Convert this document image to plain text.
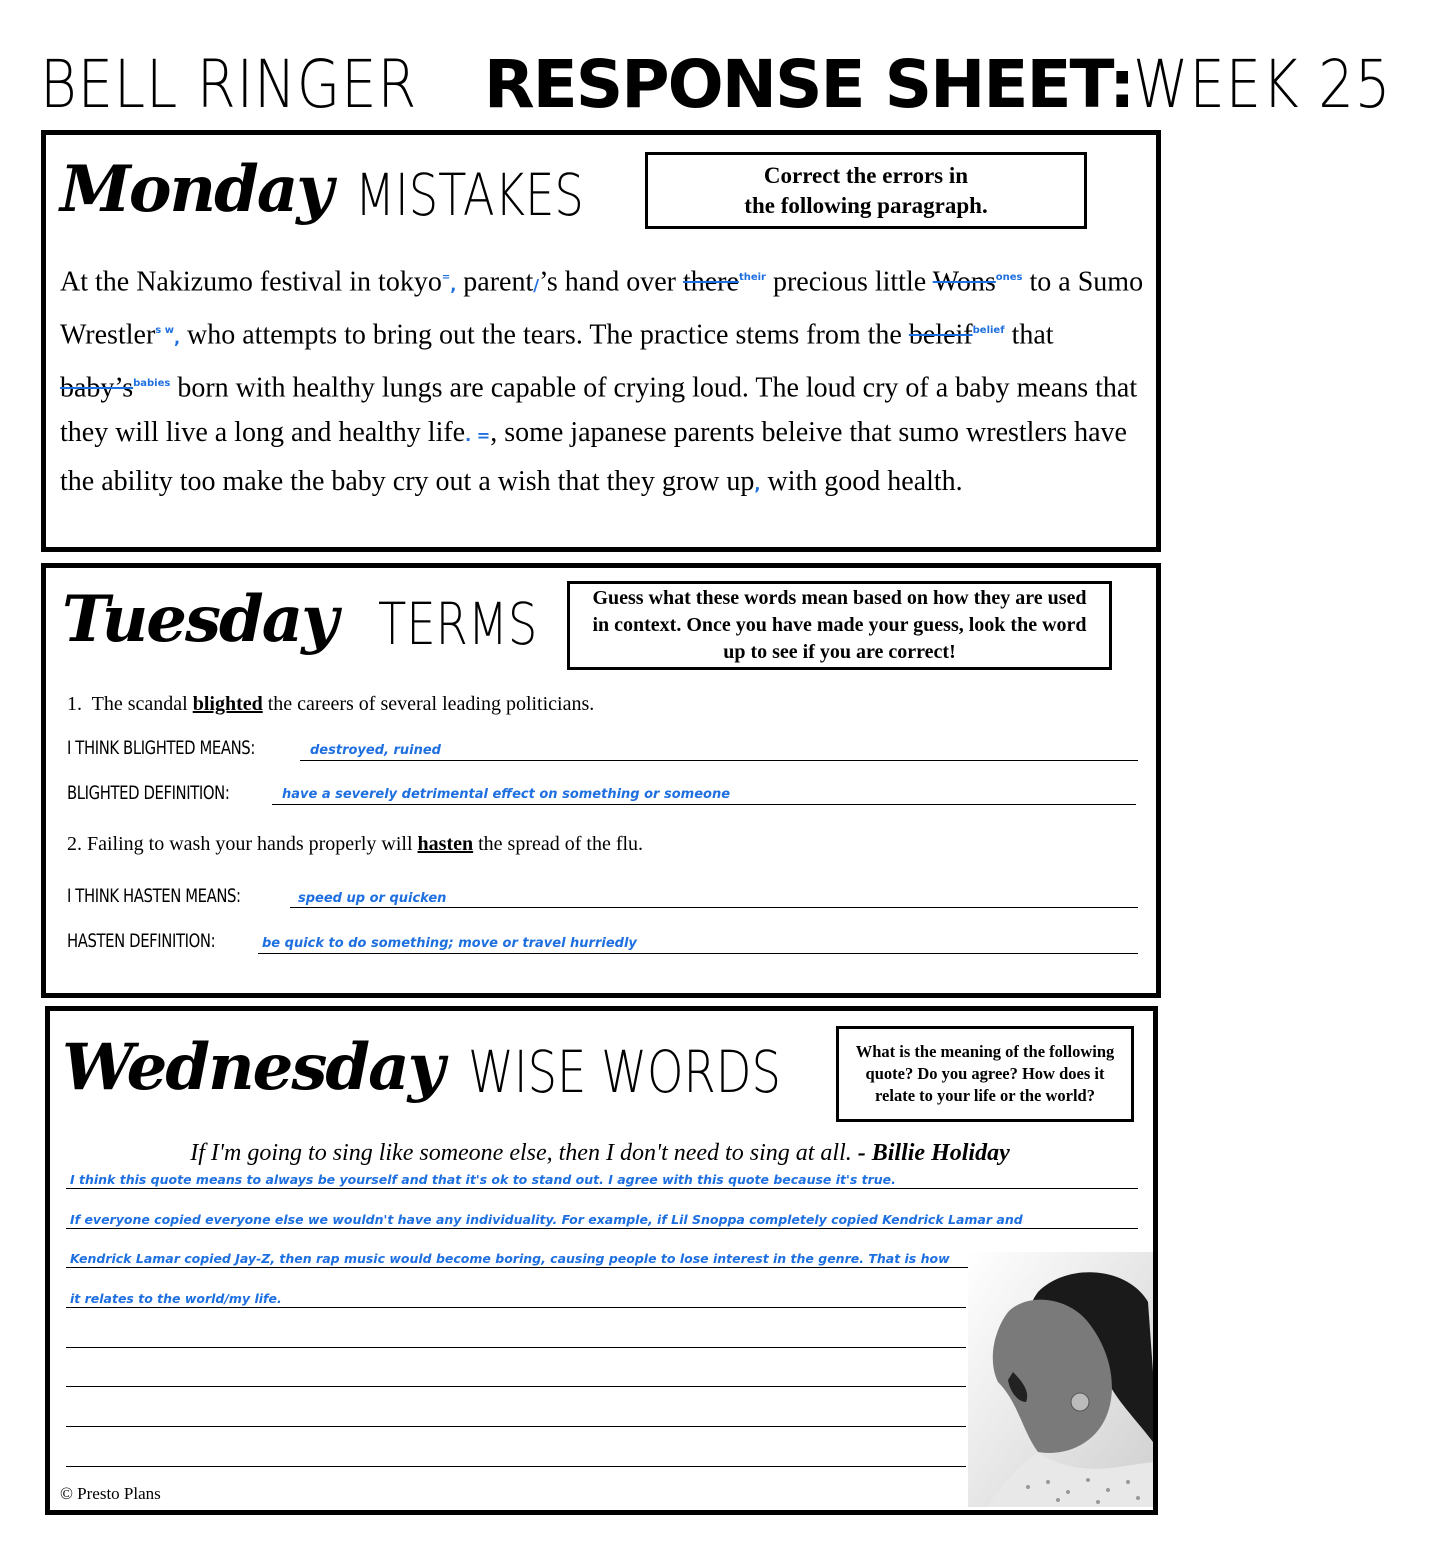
BELL RINGERRESPONSE SHEET:WEEK 25
Monday MISTAKES	Correct the errors in
the following paragraph.
At the Nakizumo festival in tokyo=, parent/’s hand over there$^{their}$ precious little Wons$^{ones}$ to a Sumo Wrestler$^{s w}$, who attempts to bring out the tears. The practice stems from the beleif$^{belief}$ that $baby’s^{babies}$ born with healthy lungs are capable of crying loud. The loud cry of a baby means that they will live a long and healthy life. =, some japanese parents beleive that sumo wrestlers have the ability too make the baby cry out a wish that they grow up, with good health.
Tuesday TERMS	Guess what these words mean based on how they are used in context. Once you have made your guess, look the word up to see if you are correct!
1.  The scandal blighted the careers of several leading politicians.
I THINK BLIGHTED MEANS:	destroyed, ruined
BLIGHTED DEFINITION:	have a severely detrimental effect on something or someone
2. Failing to wash your hands properly will hasten the spread of the flu.
I THINK HASTEN MEANS:	speed up or quicken
HASTEN DEFINITION:	be quick to do something; move or travel hurriedly
Wednesday WISE WORDS	What is the meaning of the following quote? Do you agree? How does it relate to your life or the world?
If I'm going to sing like someone else, then I don't need to sing at all. - Billie Holiday
I think this quote means to always be yourself and that it's ok to stand out. I agree with this quote because it's true.
If everyone copied everyone else we wouldn't have any individuality. For example, if Lil Snoppa completely copied Kendrick Lamar and
Kendrick Lamar copied Jay-Z, then rap music would become boring, causing people to lose interest in the genre. That is how
it relates to the world/my life.
© Presto Plans
